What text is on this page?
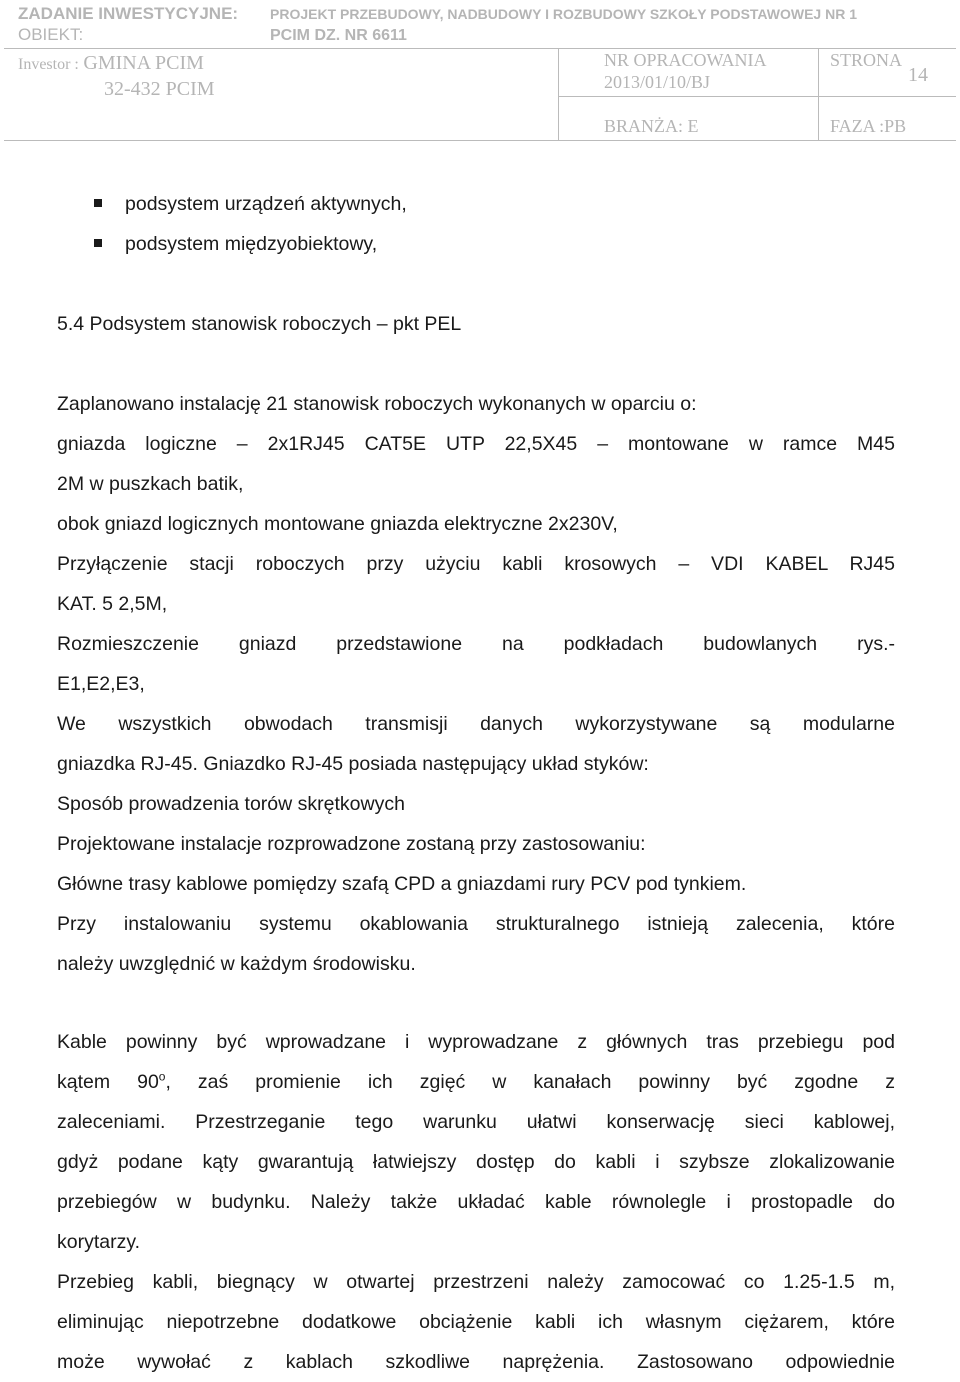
ZADANIE INWESTYCYJNE: PROJEKT PRZEBUDOWY, NADBUDOWY I ROZBUDOWY SZKOŁY PODSTAWOWEJ NR 1
OBIEKT:	PCIM DZ. NR 6611
Investor : GMINA PCIM
32-432 PCIM
NR OPRACOWANIA
2013/01/10/BJ
STRONA
14
BRANŻA: E	FAZA :PB
podsystem urządzeń aktywnych,
podsystem międzyobiektowy,
5.4 Podsystem stanowisk roboczych – pkt PEL
Zaplanowano instalację 21 stanowisk roboczych wykonanych w oparciu o:
gniazda logiczne – 2x1RJ45 CAT5E UTP 22,5X45 – montowane w ramce M45
2M w puszkach batik,
obok gniazd logicznych montowane gniazda elektryczne 2x230V,
Przyłączenie stacji roboczych przy użyciu kabli krosowych – VDI KABEL RJ45
KAT. 5 2,5M,
Rozmieszczenie gniazd przedstawione na podkładach budowlanych rys.-
E1,E2,E3,
We wszystkich obwodach transmisji danych wykorzystywane są modularne
gniazdka RJ-45. Gniazdko RJ-45 posiada następujący układ styków:
Sposób prowadzenia torów skrętkowych
Projektowane instalacje rozprowadzone zostaną przy zastosowaniu:
Główne trasy kablowe pomiędzy szafą CPD a gniazdami rury PCV pod tynkiem.
Przy instalowaniu systemu okablowania strukturalnego istnieją zalecenia, które
należy uwzględnić w każdym środowisku.
Kable powinny być wprowadzane i wyprowadzane z głównych tras przebiegu pod
kątem 90$^o$, zaś promienie ich zgięć w kanałach powinny być zgodne z
zaleceniami. Przestrzeganie tego warunku ułatwi konserwację sieci kablowej,
gdyż podane kąty gwarantują łatwiejszy dostęp do kabli i szybsze zlokalizowanie
przebiegów w budynku. Należy także układać kable równolegle i prostopadle do
korytarzy.
Przebieg kabli, biegnący w otwartej przestrzeni należy zamocować co 1.25-1.5 m,
eliminując niepotrzebne dodatkowe obciążenie kabli ich własnym ciężarem, które
może wywołać z kablach szkodliwe naprężenia. Zastosowano odpowiednie
